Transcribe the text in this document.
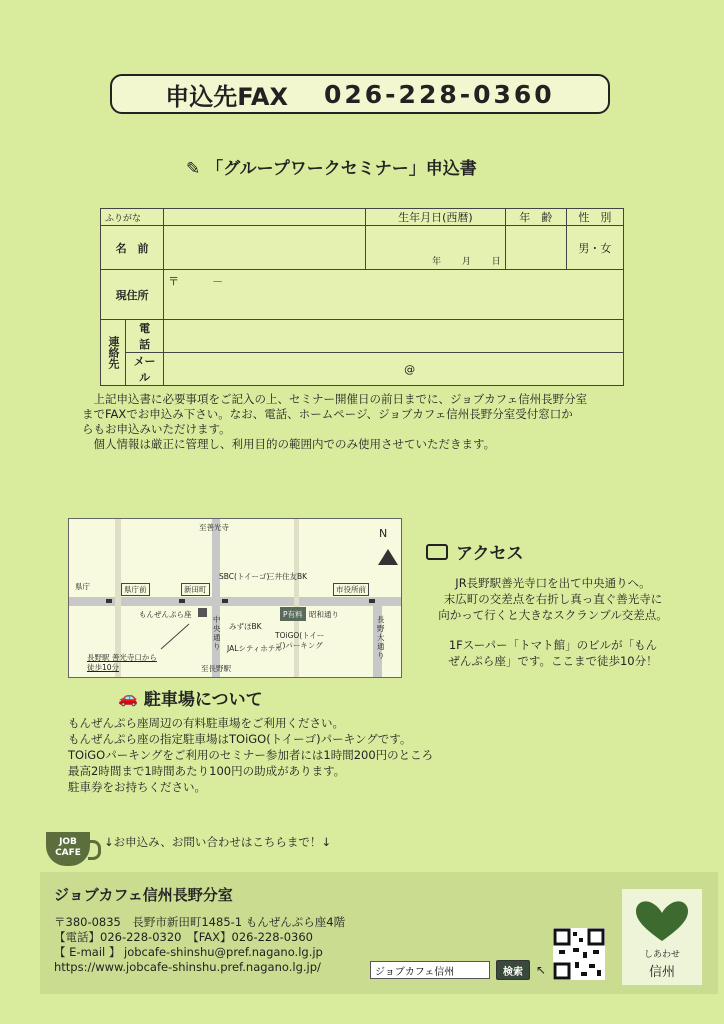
申込先FAX 026-228-0360
✎ 「グループワークセミナー」申込書
ふりがな			生年月日(西暦)	年　齢	性　別
名　前			年　　 月　　 日		男・女
現住所		〒　　　－			
連絡先	電　話				
	メール	@			

上記申込書に必要事項をご記入の上、セミナー開催日の前日までに、ジョブカフェ信州長野分室

までFAXでお申込み下さい。なお、電話、ホームページ、ジョブカフェ信州長野分室受付窓口か

らもお申込みいただけます。

個人情報は厳正に管理し、利用目的の範囲内でのみ使用させていただきます。

至善光寺	N
県庁	県庁前	新田町
SBC(トイーゴ)
三井住友BK
市役所前
昭和通り
もんぜんぷら座	P有料
中央通り
みずほBK
JALシティホテル
TOiGO(トイーゴ)パーキング
長野大通り
長野駅 善光寺口から徒歩10分	至長野駅
アクセス

JR長野駅善光寺口を出て中央通りへ。

末広町の交差点を右折し真っ直ぐ善光寺に

向かって行くと大きなスクランブル交差点。

1Fスーパー「トマト館」のビルが「もん

ぜんぷら座」です。ここまで徒歩10分！

🚗 駐車場について

もんぜんぷら座周辺の有料駐車場をご利用ください。

もんぜんぷら座の指定駐車場はTOiGO(トイーゴ)パーキングです。

TOiGOパーキングをご利用のセミナー参加者には1時間200円のところ

最高2時間まで1時間あたり100円の助成があります。

駐車券をお持ちください。

JOB
CAFE
↓お申込み、お問い合わせはこちらまで！↓
ジョブカフェ信州長野分室
〒380-0835　長野市新田町1485-1 もんぜんぷら座4階
【電話】026-228-0320　【FAX】026-228-0360
【 E-mail 】 jobcafe-shinshu@pref.nagano.lg.jp
https://www.jobcafe-shinshu.pref.nagano.lg.jp/
ジョブカフェ信州	検索	↖
しあわせ
信州
